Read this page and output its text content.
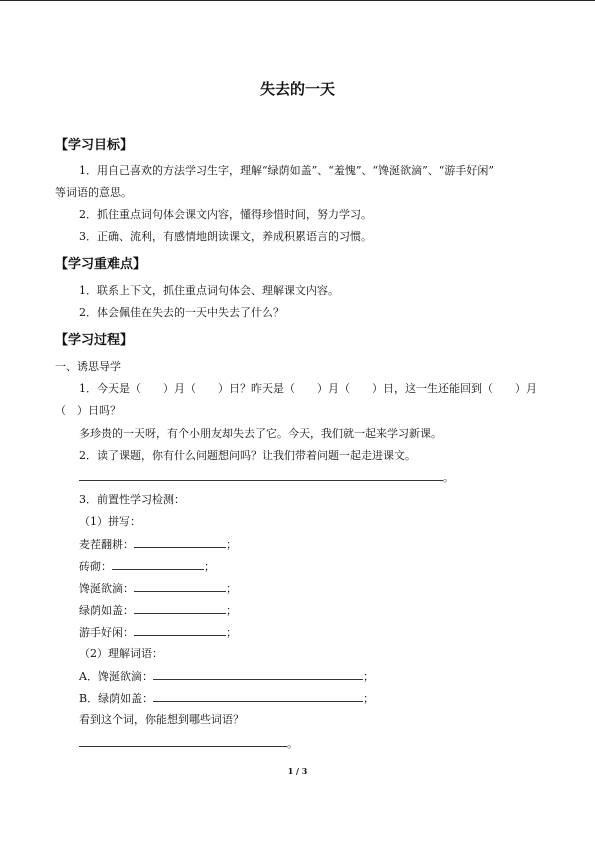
失去的一天
【学习目标】
1．用自己喜欢的方法学习生字，理解“绿荫如盖”、“羞愧”、“馋涎欲滴”、“游手好闲”
等词语的意思。
2．抓住重点词句体会课文内容，懂得珍惜时间，努力学习。
3．正确、流利，有感情地朗读课文，养成积累语言的习惯。
【学习重难点】
1．联系上下文，抓住重点词句体会、理解课文内容。
2．体会佩佳在失去的一天中失去了什么？
【学习过程】
一、诱思导学
1．今天是（　　）月（　　）日？昨天是（　　）月（　　）日，这一生还能回到（　　）月
（　）日吗？
多珍贵的一天呀，有个小朋友却失去了它。今天，我们就一起来学习新课。
2．读了课题，你有什么问题想问吗？让我们带着问题一起走进课文。
。
3．前置性学习检测：
（1）拼写：
麦茬翻耕：	；
砖砌：	；
馋涎欲滴：	；
绿荫如盖：	；
游手好闲：	；
（2）理解词语：
A．馋涎欲滴：	；
B．绿荫如盖：	；
看到这个词，你能想到哪些词语？
。
1 / 3
